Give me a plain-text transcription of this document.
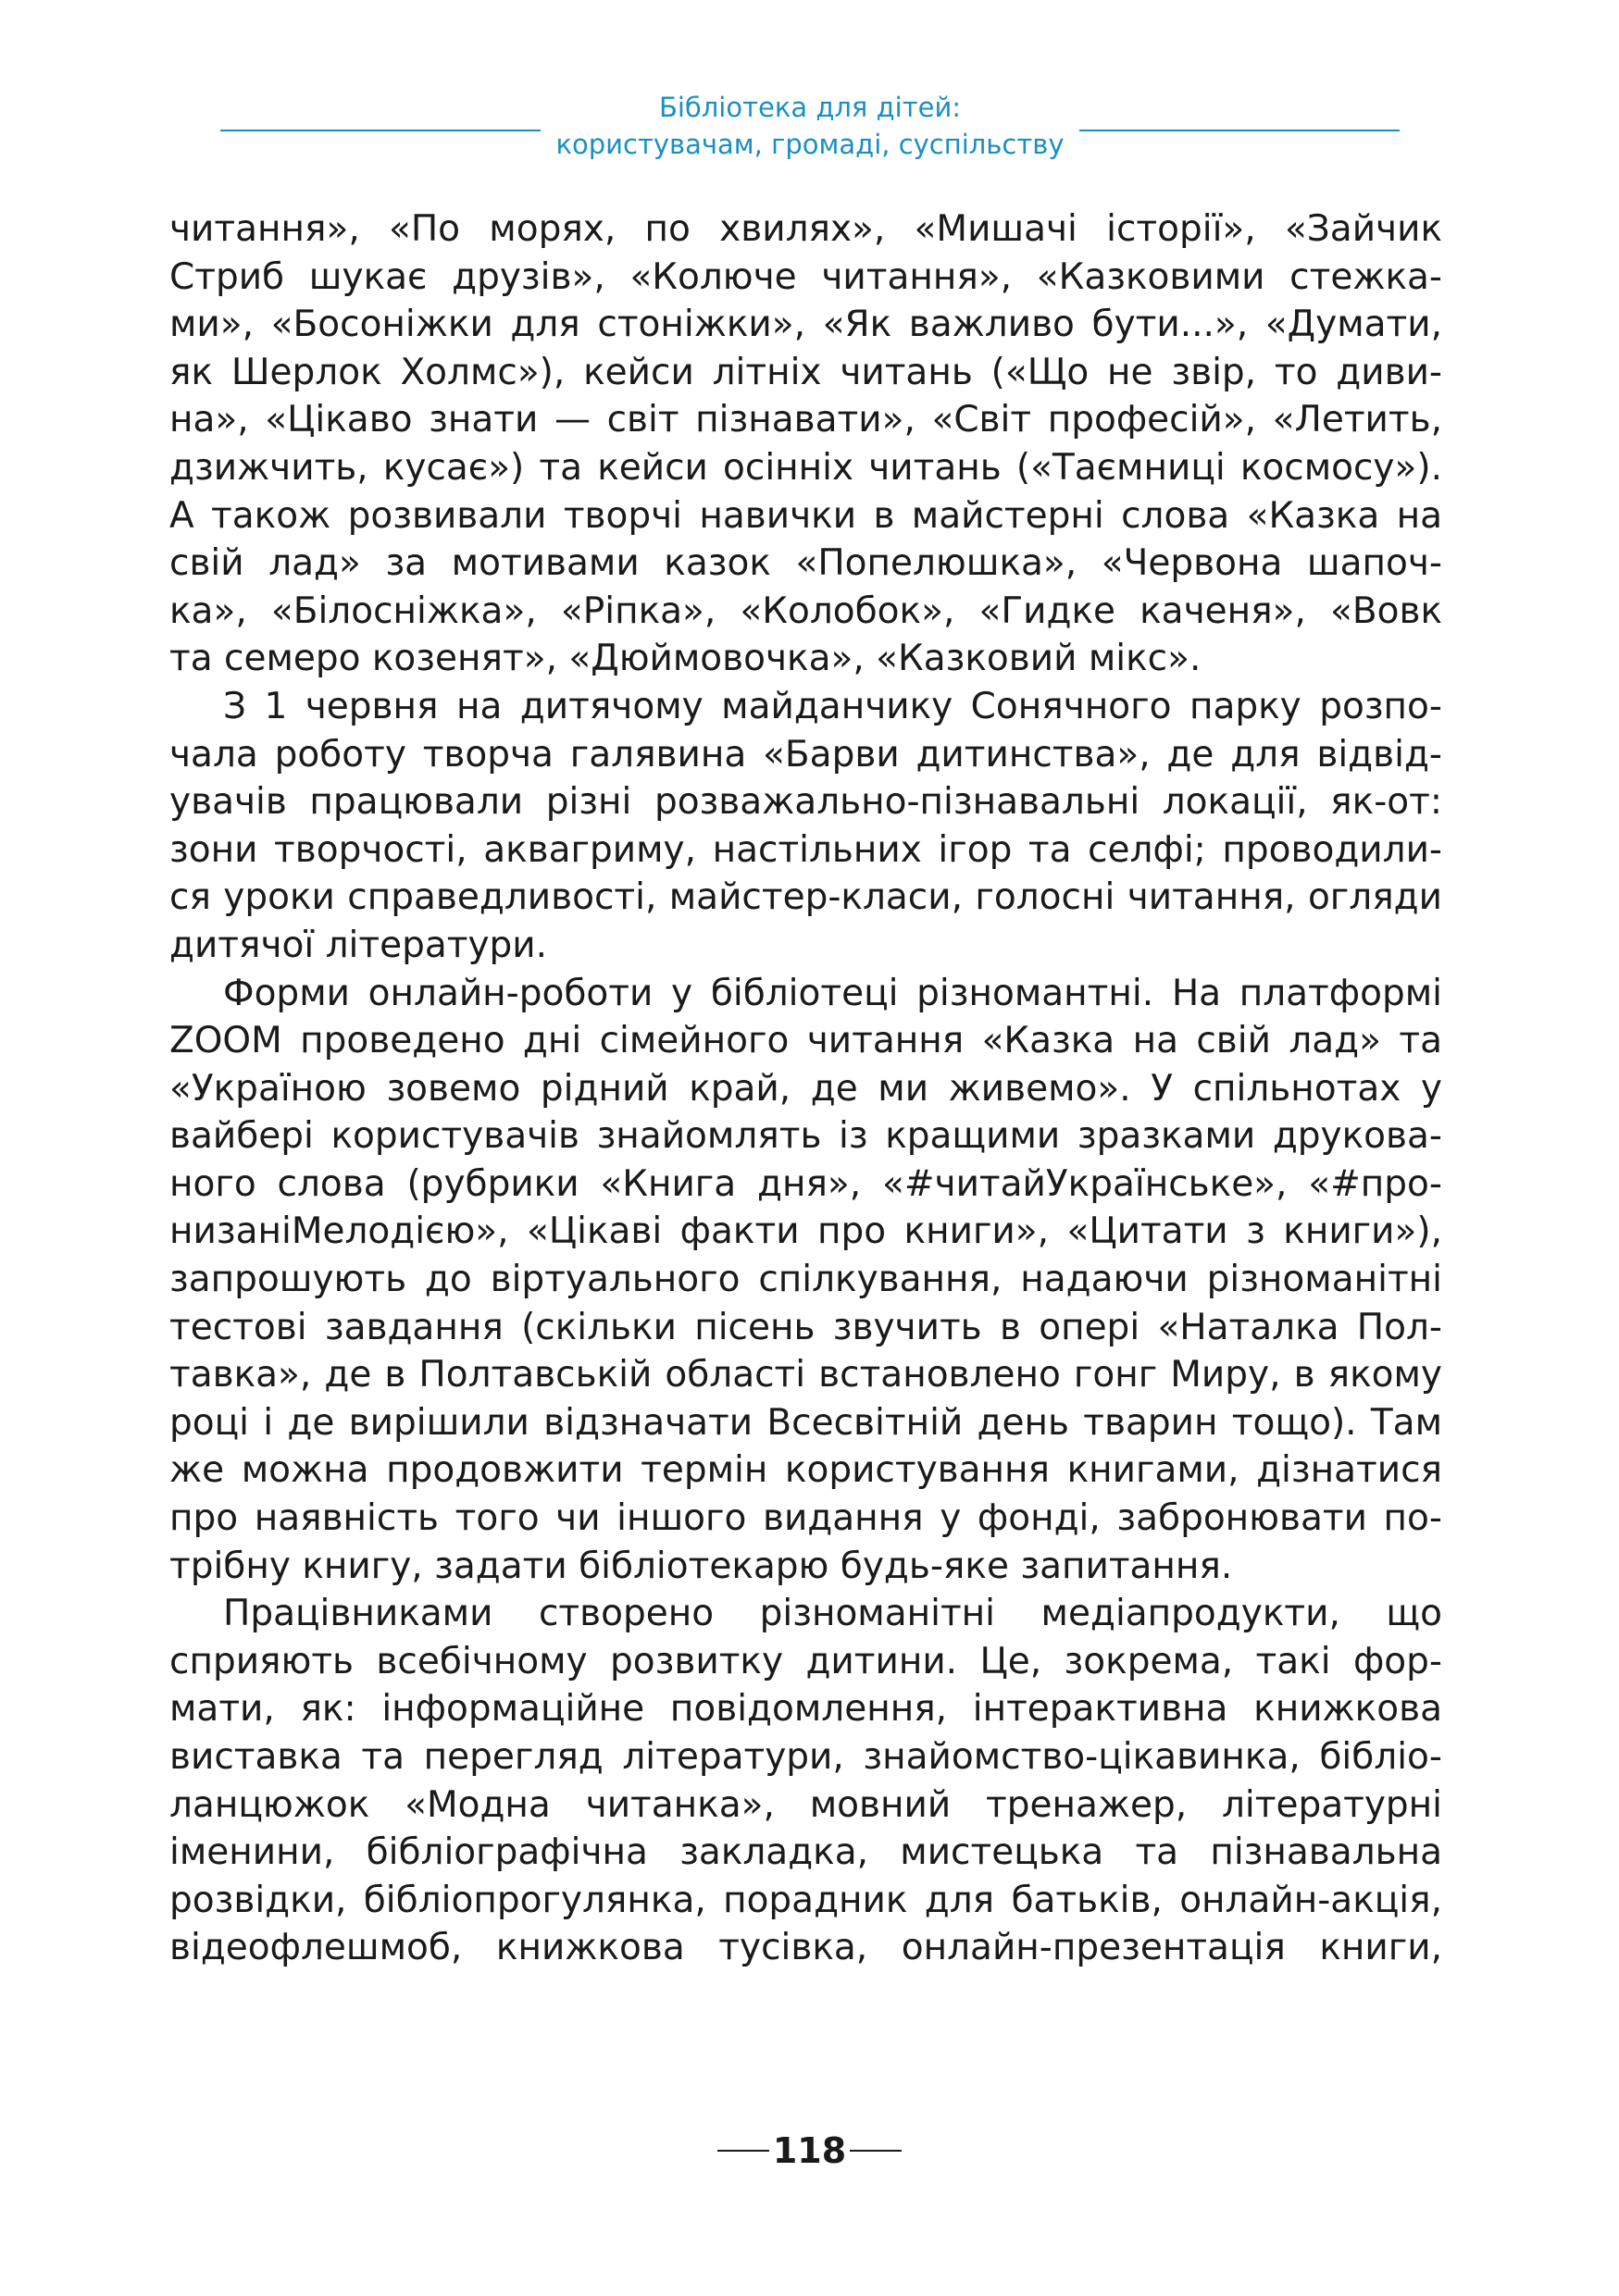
Бібліотека для дітей:
користувачам, громаді, суспільству

читання», «По морях, по хвилях», «Мишачі історії», «Зайчик
Стриб шукає друзів», «Колюче читання», «Казковими стежка-
ми», «Босоніжки для стоніжки», «Як важливо бути...», «Думати,
як Шерлок Холмс»), кейси літніх читань («Що не звір, то диви-
на», «Цікаво знати — світ пізнавати», «Світ професій», «Летить,
дзижчить, кусає») та кейси осінніх читань («Таємниці космосу»).
А також розвивали творчі навички в майстерні слова «Казка на
свій лад» за мотивами казок «Попелюшка», «Червона шапоч-
ка», «Білосніжка», «Ріпка», «Колобок», «Гидке каченя», «Вовк
та семеро козенят», «Дюймовочка», «Казковий мікс».

З 1 червня на дитячому майданчику Сонячного парку розпо-
чала роботу творча галявина «Барви дитинства», де для відвід-
увачів працювали різні розважально-пізнавальні локації, як-от:
зони творчості, аквагриму, настільних ігор та селфі; проводили-
ся уроки справедливості, майстер-класи, голосні читання, огляди
дитячої літератури.

Форми онлайн-роботи у бібліотеці різномантні. На платформі
ZOOM проведено дні сімейного читання «Казка на свій лад» та
«Україною зовемо рідний край, де ми живемо». У спільнотах у
вайбері користувачів знайомлять із кращими зразками друкова-
ного слова (рубрики «Книга дня», «#читайУкраїнське», «#про-
низаніМелодією», «Цікаві факти про книги», «Цитати з книги»),
запрошують до віртуального спілкування, надаючи різноманітні
тестові завдання (скільки пісень звучить в опері «Наталка Пол-
тавка», де в Полтавській області встановлено гонг Миру, в якому
році і де вирішили відзначати Всесвітній день тварин тощо). Там
же можна продовжити термін користування книгами, дізнатися
про наявність того чи іншого видання у фонді, забронювати по-
трібну книгу, задати бібліотекарю будь-яке запитання.

Працівниками створено різноманітні медіапродукти, що
сприяють всебічному розвитку дитини. Це, зокрема, такі фор-
мати, як: інформаційне повідомлення, інтерактивна книжкова
виставка та перегляд літератури, знайомство-цікавинка, бібліо-
ланцюжок «Модна читанка», мовний тренажер, літературні
іменини, бібліографічна закладка, мистецька та пізнавальна
розвідки, бібліопрогулянка, порадник для батьків, онлайн-акція,
відеофлешмоб, книжкова тусівка, онлайн-презентація книги,

118
